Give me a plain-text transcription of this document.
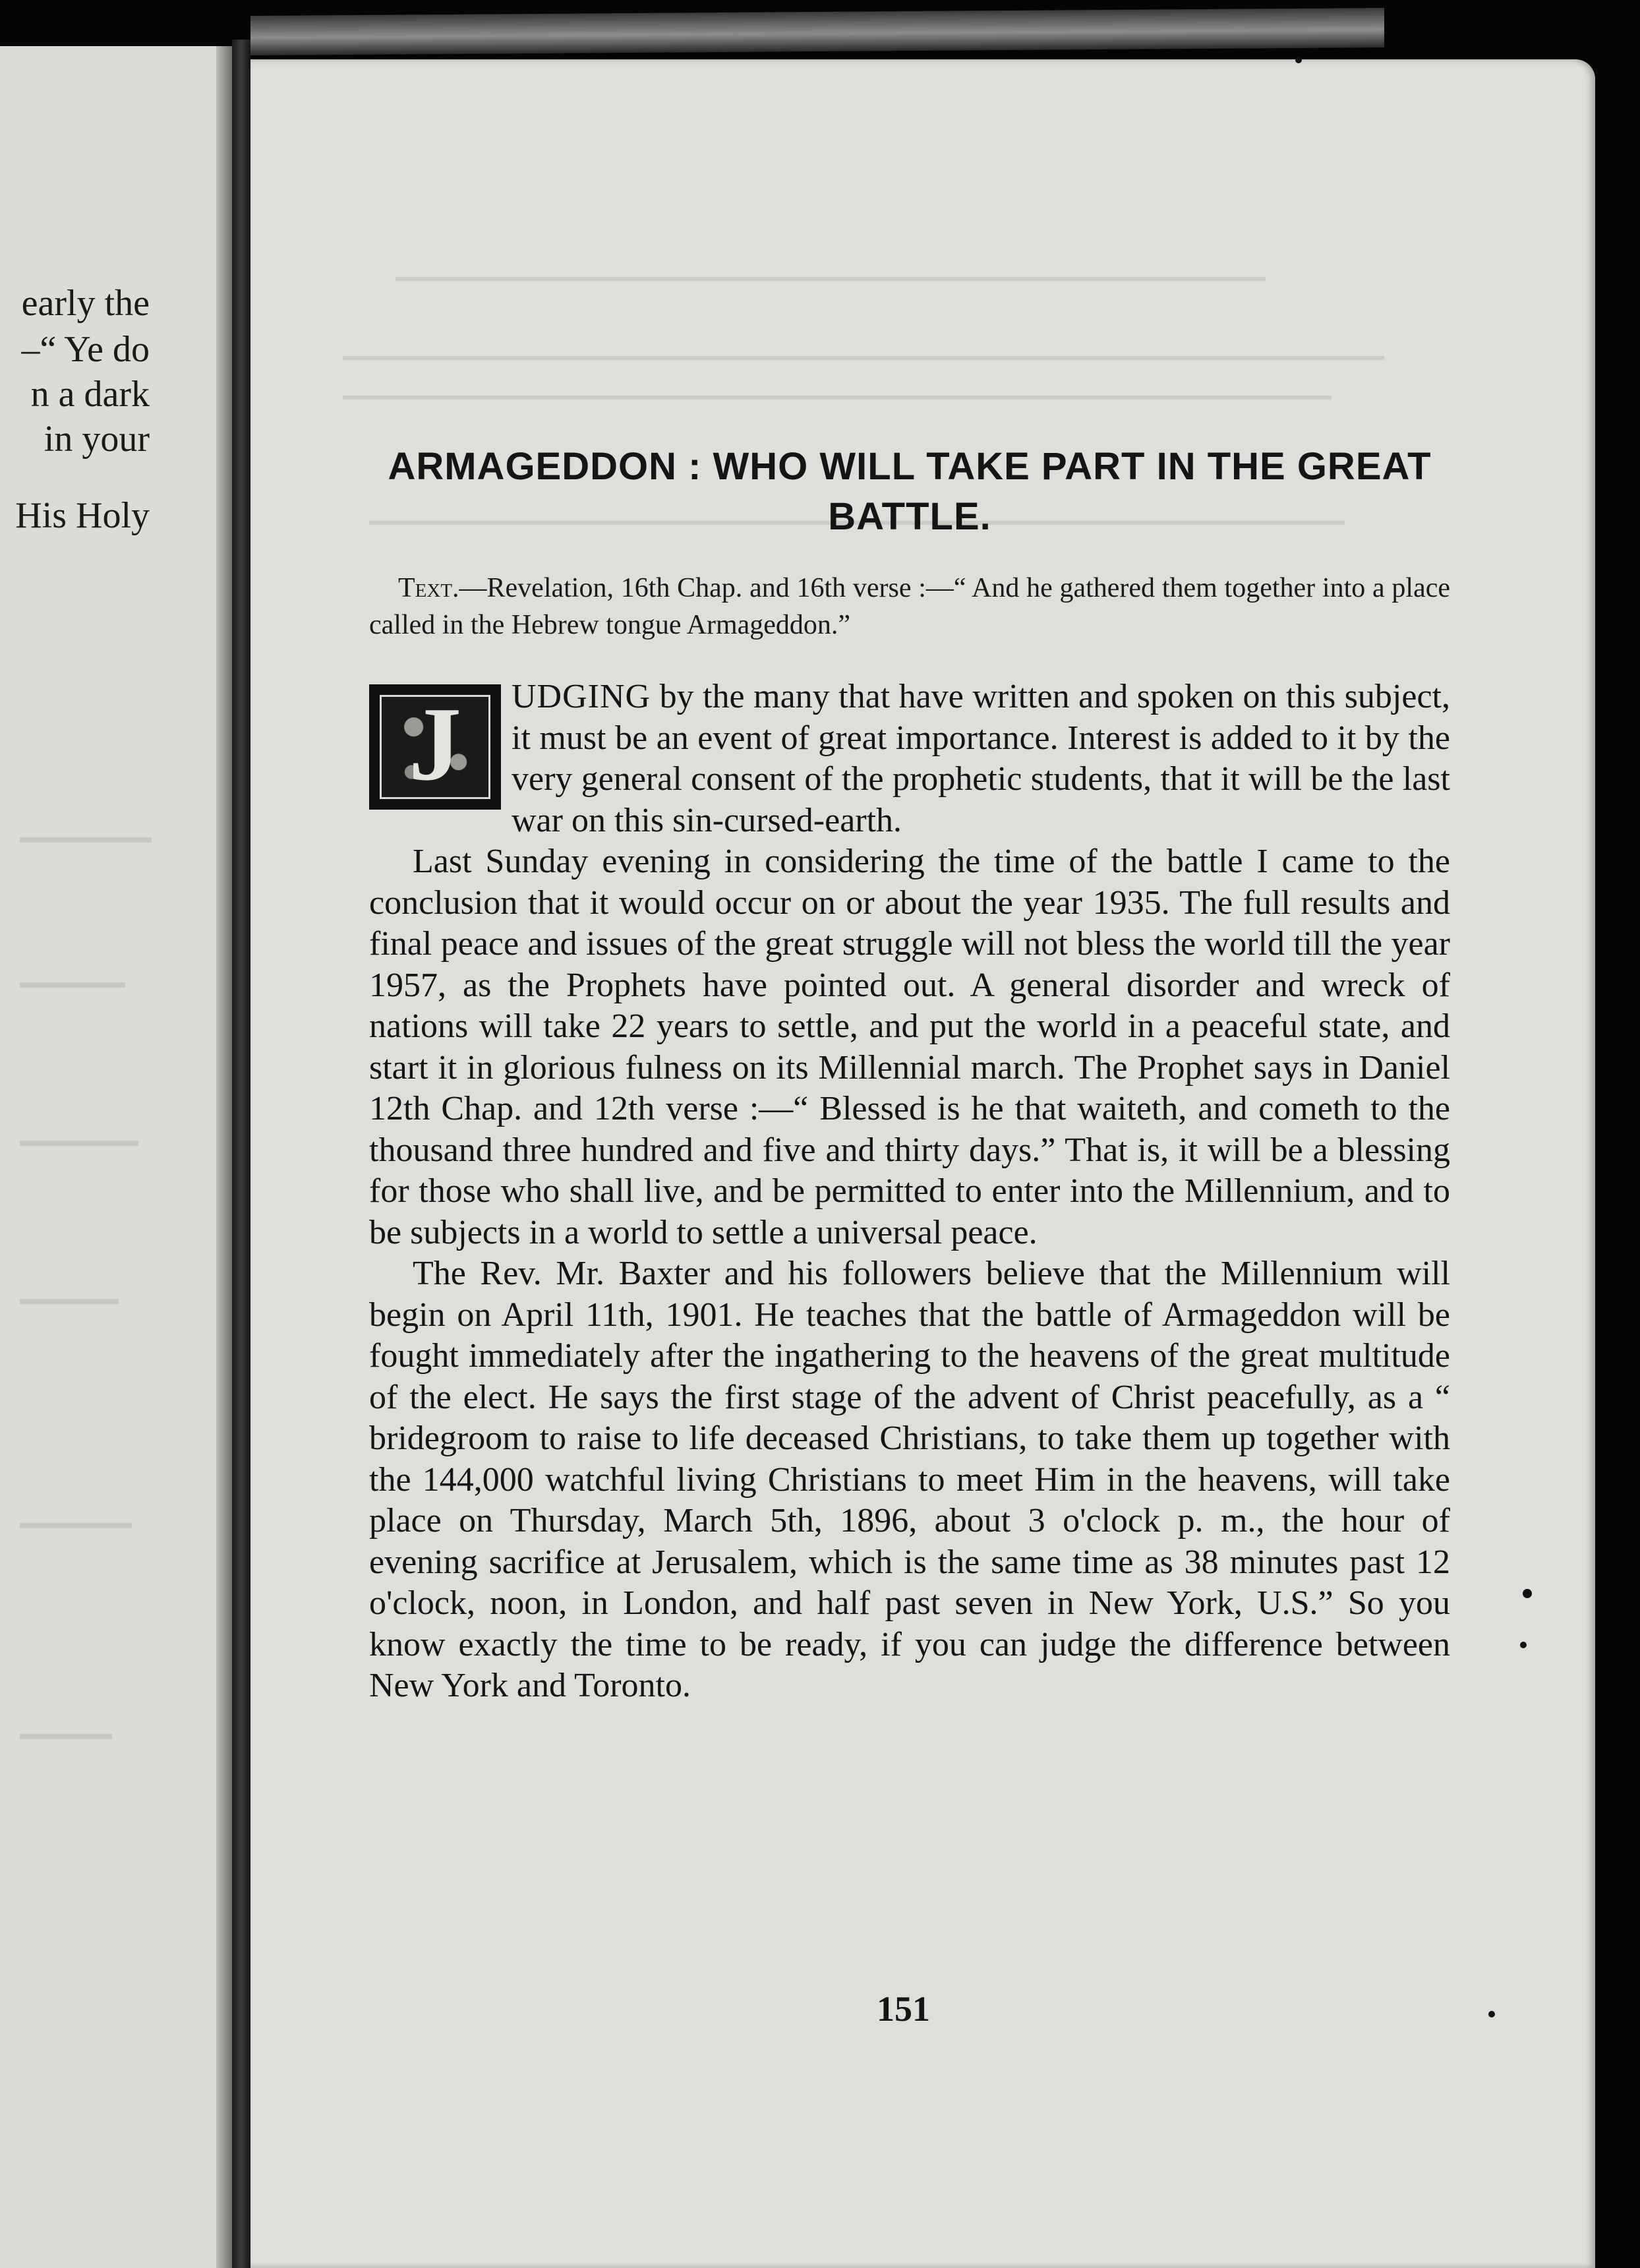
early the
–“ Ye do
n a dark
in your
His Holy
ARMAGEDDON : WHO WILL TAKE PART IN THE GREAT BATTLE.

Text.—Revelation, 16th Chap. and 16th verse :—“ And he gathered them together into a place called in the Hebrew tongue Armageddon.”

J	UDGING by the many that have written and spoken on this subject, it must be an event of great importance. Interest is added to it by the very general consent of the prophetic students, that it will be the last war on this sin-cursed-earth.

Last Sunday evening in considering the time of the battle I came to the conclusion that it would occur on or about the year 1935. The full results and final peace and issues of the great struggle will not bless the world till the year 1957, as the Prophets have pointed out. A general disorder and wreck of nations will take 22 years to settle, and put the world in a peaceful state, and start it in glorious fulness on its Millennial march. The Prophet says in Daniel 12th Chap. and 12th verse :—“ Blessed is he that waiteth, and cometh to the thousand three hundred and five and thirty days.” That is, it will be a blessing for those who shall live, and be permitted to enter into the Millennium, and to be subjects in a world to settle a universal peace.

The Rev. Mr. Baxter and his followers believe that the Millennium will begin on April 11th, 1901. He teaches that the battle of Armageddon will be fought immediately after the ingathering to the heavens of the great multitude of the elect. He says the first stage of the advent of Christ peacefully, as a “ bridegroom to raise to life deceased Christians, to take them up together with the 144,000 watchful living Christians to meet Him in the heavens, will take place on Thursday, March 5th, 1896, about 3 o'clock p. m., the hour of evening sacrifice at Jerusalem, which is the same time as 38 minutes past 12 o'clock, noon, in London, and half past seven in New York, U.S.” So you know exactly the time to be ready, if you can judge the difference between New York and Toronto.

151
